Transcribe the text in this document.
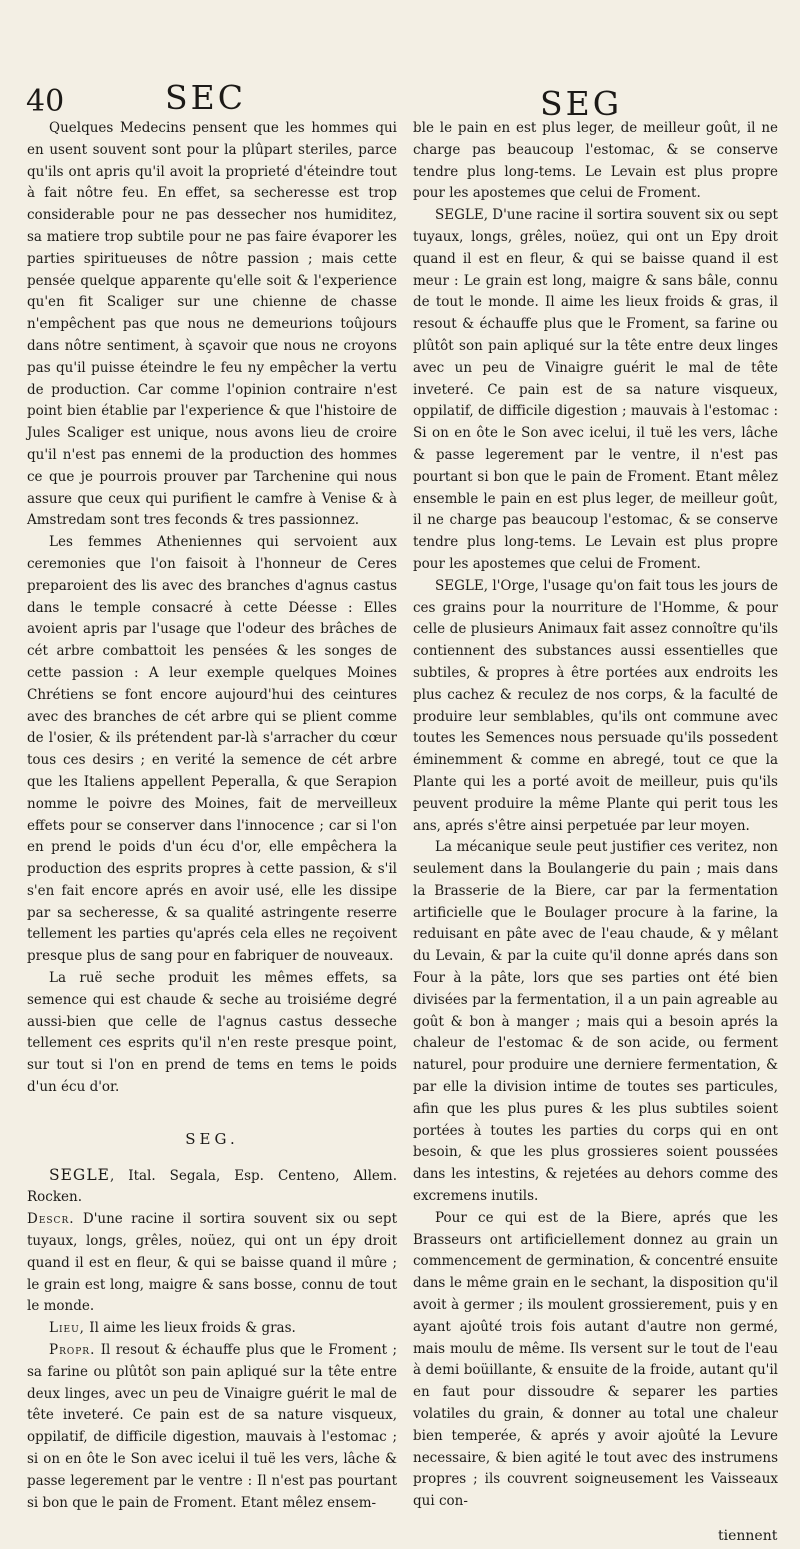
40	SEC	SEG

Quelques Medecins pensent que les hommes qui en usent souvent sont pour la plûpart steriles, parce qu'ils ont apris qu'il avoit la proprieté d'éteindre tout à fait nôtre feu. En effet, sa secheresse est trop considerable pour ne pas dessecher nos humiditez, sa matiere trop subtile pour ne pas faire évaporer les parties spiritueuses de nôtre passion ; mais cette pensée quelque apparente qu'elle soit & l'experience qu'en fit Scaliger sur une chienne de chasse n'empêchent pas que nous ne demeurions toûjours dans nôtre sentiment, à sçavoir que nous ne croyons pas qu'il puisse éteindre le feu ny empêcher la vertu de production. Car comme l'opinion contraire n'est point bien établie par l'experience & que l'histoire de Jules Scaliger est unique, nous avons lieu de croire qu'il n'est pas ennemi de la production des hommes ce que je pourrois prouver par Tarchenine qui nous assure que ceux qui purifient le camfre à Venise & à Amstredam sont tres feconds & tres passionnez.

Les femmes Atheniennes qui servoient aux ceremonies que l'on faisoit à l'honneur de Ceres preparoient des lis avec des branches d'agnus castus dans le temple consacré à cette Déesse : Elles avoient apris par l'usage que l'odeur des brâches de cét arbre combattoit les pensées & les songes de cette passion : A leur exemple quelques Moines Chrétiens se font encore aujourd'hui des ceintures avec des branches de cét arbre qui se plient comme de l'osier, & ils prétendent par-là s'arracher du cœur tous ces desirs ; en verité la semence de cét arbre que les Italiens appellent Peperalla, & que Serapion nomme le poivre des Moines, fait de merveilleux effets pour se conserver dans l'innocence ; car si l'on en prend le poids d'un écu d'or, elle empêchera la production des esprits propres à cette passion, & s'il s'en fait encore aprés en avoir usé, elle les dissipe par sa secheresse, & sa qualité astringente reserre tellement les parties qu'aprés cela elles ne reçoivent presque plus de sang pour en fabriquer de nouveaux.

La ruë seche produit les mêmes effets, sa semence qui est chaude & seche au troisiéme degré aussi-bien que celle de l'agnus castus desseche tellement ces esprits qu'il n'en reste presque point, sur tout si l'on en prend de tems en tems le poids d'un écu d'or.

SEG.

SEGLE, Ital. Segala, Esp. Centeno, Allem. Rocken.

Descr. D'une racine il sortira souvent six ou sept tuyaux, longs, grêles, noüez, qui ont un épy droit quand il est en fleur, & qui se baisse quand il mûre ; le grain est long, maigre & sans bosse, connu de tout le monde.

Lieu, Il aime les lieux froids & gras.

Propr. Il resout & échauffe plus que le Froment ; sa farine ou plûtôt son pain apliqué sur la tête entre deux linges, avec un peu de Vinaigre guérit le mal de tête inveteré. Ce pain est de sa nature visqueux, oppilatif, de difficile digestion, mauvais à l'estomac ; si on en ôte le Son avec icelui il tuë les vers, lâche & passe legerement par le ventre : Il n'est pas pourtant si bon que le pain de Froment. Etant mêlez ensem-

ble le pain en est plus leger, de meilleur goût, il ne charge pas beaucoup l'estomac, & se conserve tendre plus long-tems. Le Levain est plus propre pour les apostemes que celui de Froment.

SEGLE, D'une racine il sortira souvent six ou sept tuyaux, longs, grêles, noüez, qui ont un Epy droit quand il est en fleur, & qui se baisse quand il est meur : Le grain est long, maigre & sans bâle, connu de tout le monde. Il aime les lieux froids & gras, il resout & échauffe plus que le Froment, sa farine ou plûtôt son pain apliqué sur la tête entre deux linges avec un peu de Vinaigre guérit le mal de tête inveteré. Ce pain est de sa nature visqueux, oppilatif, de difficile digestion ; mauvais à l'estomac : Si on en ôte le Son avec icelui, il tuë les vers, lâche & passe legerement par le ventre, il n'est pas pourtant si bon que le pain de Froment. Etant mêlez ensemble le pain en est plus leger, de meilleur goût, il ne charge pas beaucoup l'estomac, & se conserve tendre plus long-tems. Le Levain est plus propre pour les apostemes que celui de Froment.

SEGLE, l'Orge, l'usage qu'on fait tous les jours de ces grains pour la nourriture de l'Homme, & pour celle de plusieurs Animaux fait assez connoître qu'ils contiennent des substances aussi essentielles que subtiles, & propres à être portées aux endroits les plus cachez & reculez de nos corps, & la faculté de produire leur semblables, qu'ils ont commune avec toutes les Semences nous persuade qu'ils possedent éminemment & comme en abregé, tout ce que la Plante qui les a porté avoit de meilleur, puis qu'ils peuvent produire la même Plante qui perit tous les ans, aprés s'être ainsi perpetuée par leur moyen.

La mécanique seule peut justifier ces veritez, non seulement dans la Boulangerie du pain ; mais dans la Brasserie de la Biere, car par la fermentation artificielle que le Boulager procure à la farine, la reduisant en pâte avec de l'eau chaude, & y mêlant du Levain, & par la cuite qu'il donne aprés dans son Four à la pâte, lors que ses parties ont été bien divisées par la fermentation, il a un pain agreable au goût & bon à manger ; mais qui a besoin aprés la chaleur de l'estomac & de son acide, ou ferment naturel, pour produire une derniere fermentation, & par elle la division intime de toutes ses particules, afin que les plus pures & les plus subtiles soient portées à toutes les parties du corps qui en ont besoin, & que les plus grossieres soient poussées dans les intestins, & rejetées au dehors comme des excremens inutils.

Pour ce qui est de la Biere, aprés que les Brasseurs ont artificiellement donnez au grain un commencement de germination, & concentré ensuite dans le même grain en le sechant, la disposition qu'il avoit à germer ; ils moulent grossierement, puis y en ayant ajoûté trois fois autant d'autre non germé, mais moulu de même. Ils versent sur le tout de l'eau à demi boüillante, & ensuite de la froide, autant qu'il en faut pour dissoudre & separer les parties volatiles du grain, & donner au total une chaleur bien temperée, & aprés y avoir ajoûté la Levure necessaire, & bien agité le tout avec des instrumens propres ; ils couvrent soigneusement les Vaisseaux qui con-

tiennent
